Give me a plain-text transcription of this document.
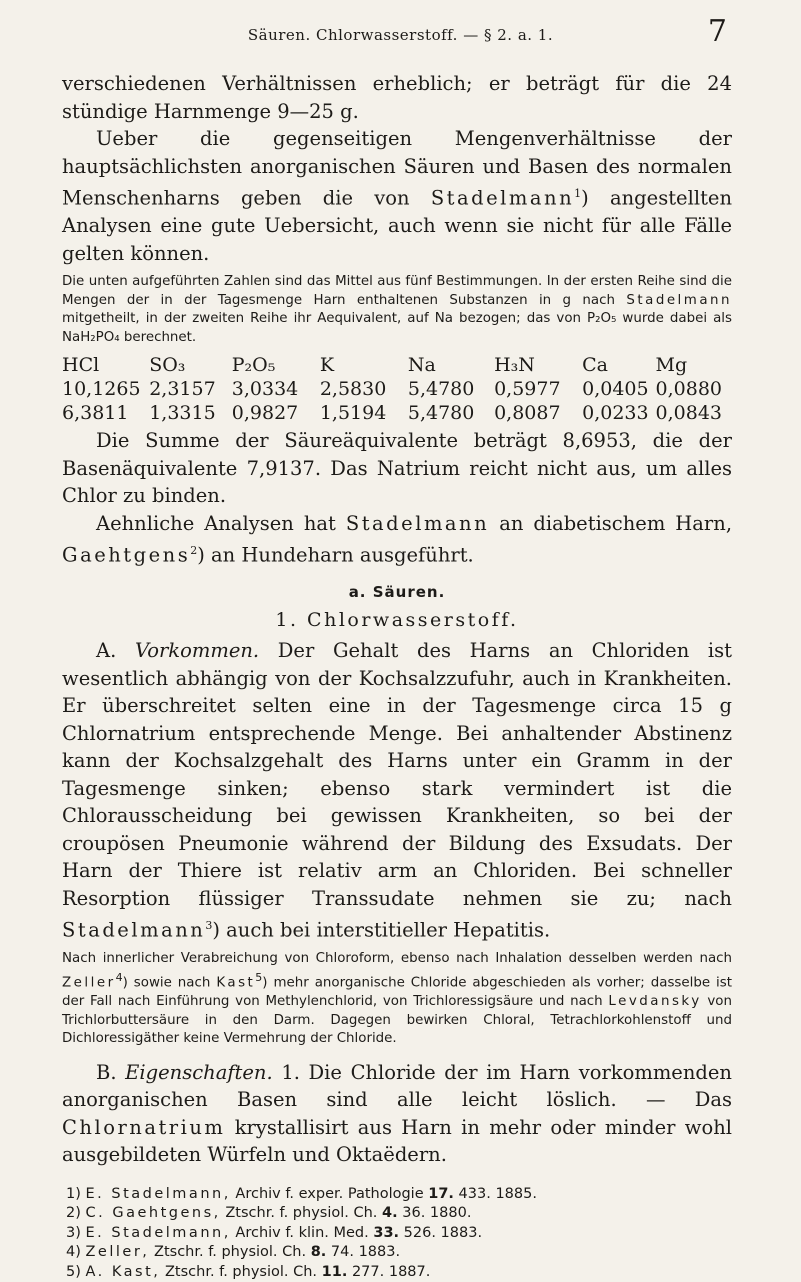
Säuren. Chlorwasserstoff. — § 2. a. 1.	7

verschiedenen Verhältnissen erheblich; er beträgt für die 24 stündige Harnmenge 9—25 g.

Ueber die gegenseitigen Mengenverhältnisse der hauptsächlichsten anorganischen Säuren und Basen des normalen Menschenharns geben die von Stadelmann$^1$) angestellten Analysen eine gute Uebersicht, auch wenn sie nicht für alle Fälle gelten können.

Die unten aufgeführten Zahlen sind das Mittel aus fünf Bestimmungen. In der ersten Reihe sind die Mengen der in der Tagesmenge Harn enthaltenen Substanzen in g nach Stadelmann mitgetheilt, in der zweiten Reihe ihr Aequivalent, auf Na bezogen; das von P₂O₅ wurde dabei als NaH₂PO₄ berechnet.

HCl	SO₃	P₂O₅	K	Na	H₃N	Ca	Mg
10,1265	2,3157	3,0334	2,5830	5,4780	0,5977	0,0405	0,0880
6,3811	1,3315	0,9827	1,5194	5,4780	0,8087	0,0233	0,0843

Die Summe der Säureäquivalente beträgt 8,6953, die der Basenäquivalente 7,9137. Das Natrium reicht nicht aus, um alles Chlor zu binden.

Aehnliche Analysen hat Stadelmann an diabetischem Harn, Gaehtgens$^2$) an Hundeharn ausgeführt.

a. Säuren.
1. Chlorwasserstoff.

A. Vorkommen. Der Gehalt des Harns an Chloriden ist wesentlich abhängig von der Kochsalzzufuhr, auch in Krankheiten. Er überschreitet selten eine in der Tagesmenge circa 15 g Chlornatrium entsprechende Menge. Bei anhaltender Abstinenz kann der Kochsalzgehalt des Harns unter ein Gramm in der Tagesmenge sinken; ebenso stark vermindert ist die Chlorausscheidung bei gewissen Krankheiten, so bei der croupösen Pneumonie während der Bildung des Exsudats. Der Harn der Thiere ist relativ arm an Chloriden. Bei schneller Resorption flüssiger Transsudate nehmen sie zu; nach Stadelmann$^3$) auch bei interstitieller Hepatitis.

Nach innerlicher Verabreichung von Chloroform, ebenso nach Inhalation desselben werden nach Zeller$^4$) sowie nach Kast$^5$) mehr anorganische Chloride abgeschieden als vorher; dasselbe ist der Fall nach Einführung von Methylenchlorid, von Trichloressigsäure und nach Levdansky von Trichlorbuttersäure in den Darm. Dagegen bewirken Chloral, Tetrachlorkohlenstoff und Dichloressigäther keine Vermehrung der Chloride.

B. Eigenschaften. 1. Die Chloride der im Harn vorkommenden anorganischen Basen sind alle leicht löslich. — Das Chlornatrium krystallisirt aus Harn in mehr oder minder wohl ausgebildeten Würfeln und Oktaëdern.

1) E. Stadelmann, Archiv f. exper. Pathologie 17. 433. 1885.

2) C. Gaehtgens, Ztschr. f. physiol. Ch. 4. 36. 1880.

3) E. Stadelmann, Archiv f. klin. Med. 33. 526. 1883.

4) Zeller, Ztschr. f. physiol. Ch. 8. 74. 1883.

5) A. Kast, Ztschr. f. physiol. Ch. 11. 277. 1887.
